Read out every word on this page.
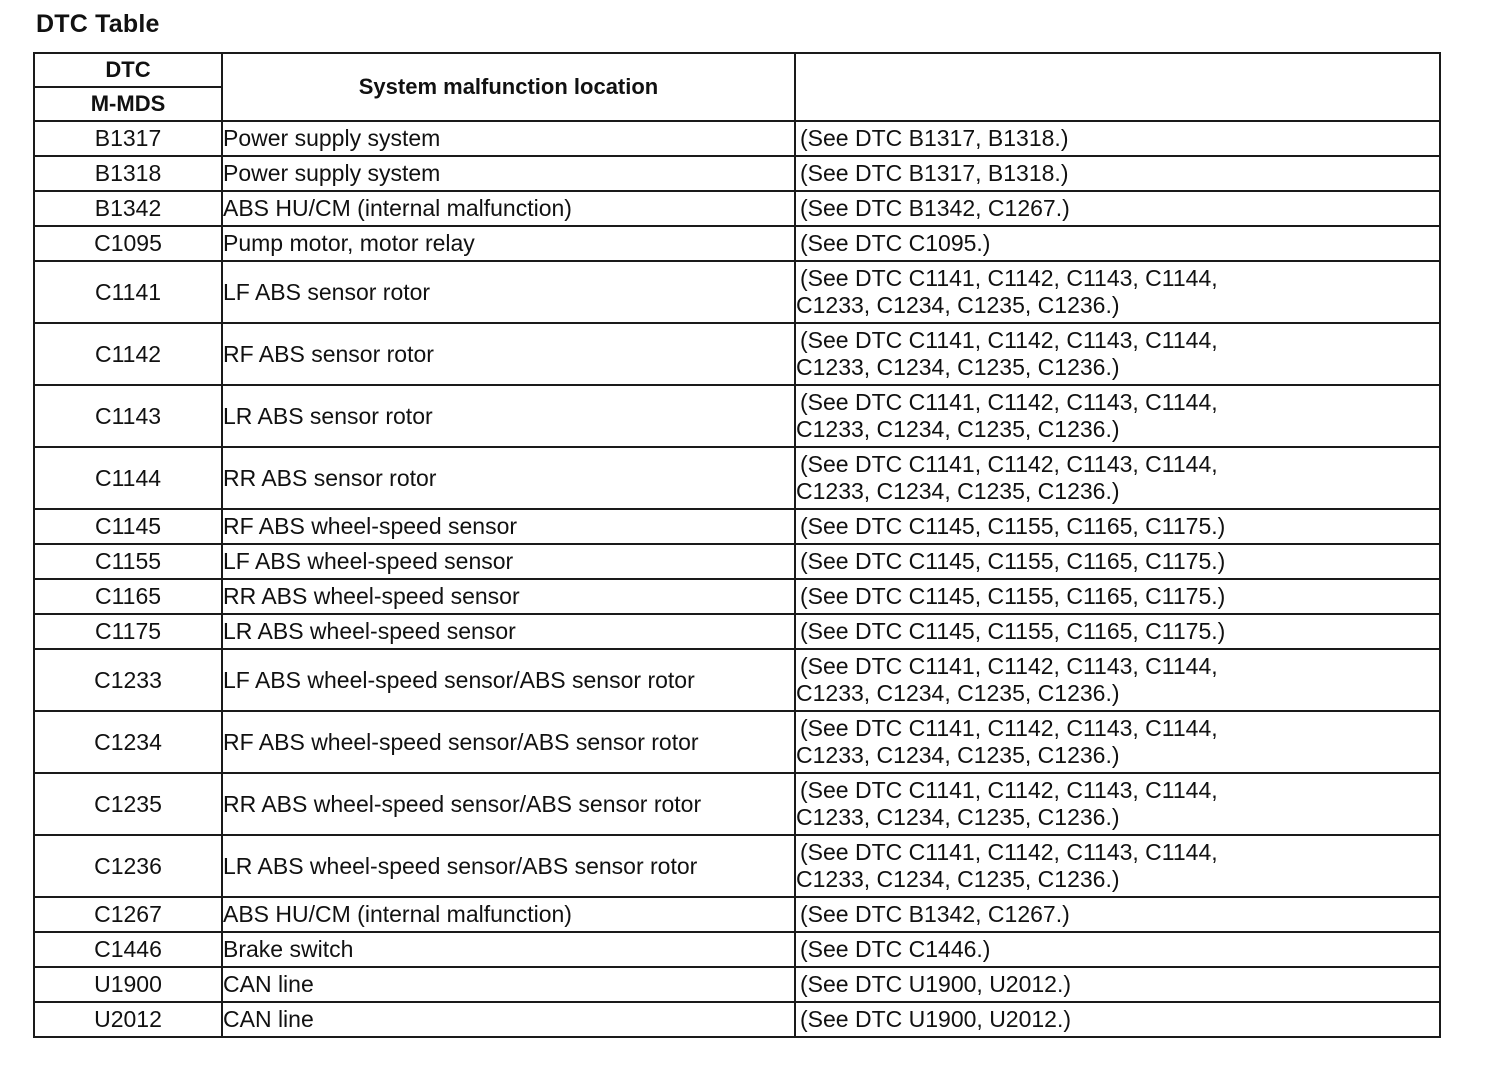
DTC Table
DTC	System malfunction location	
M-MDS		
B1317	Power supply system	(See DTC B1317, B1318.)

B1318	Power supply system	(See DTC B1317, B1318.)

B1342	ABS HU/CM (internal malfunction)	(See DTC B1342, C1267.)

C1095	Pump motor, motor relay	(See DTC C1095.)

C1141	LF ABS sensor rotor	(See DTC C1141, C1142, C1143, C1144,
C1233, C1234, C1235, C1236.)

C1142	RF ABS sensor rotor	(See DTC C1141, C1142, C1143, C1144,
C1233, C1234, C1235, C1236.)

C1143	LR ABS sensor rotor	(See DTC C1141, C1142, C1143, C1144,
C1233, C1234, C1235, C1236.)

C1144	RR ABS sensor rotor	(See DTC C1141, C1142, C1143, C1144,
C1233, C1234, C1235, C1236.)

C1145	RF ABS wheel-speed sensor	(See DTC C1145, C1155, C1165, C1175.)

C1155	LF ABS wheel-speed sensor	(See DTC C1145, C1155, C1165, C1175.)

C1165	RR ABS wheel-speed sensor	(See DTC C1145, C1155, C1165, C1175.)

C1175	LR ABS wheel-speed sensor	(See DTC C1145, C1155, C1165, C1175.)

C1233	LF ABS wheel-speed sensor/ABS sensor rotor	(See DTC C1141, C1142, C1143, C1144,
C1233, C1234, C1235, C1236.)

C1234	RF ABS wheel-speed sensor/ABS sensor rotor	(See DTC C1141, C1142, C1143, C1144,
C1233, C1234, C1235, C1236.)

C1235	RR ABS wheel-speed sensor/ABS sensor rotor	(See DTC C1141, C1142, C1143, C1144,
C1233, C1234, C1235, C1236.)

C1236	LR ABS wheel-speed sensor/ABS sensor rotor	(See DTC C1141, C1142, C1143, C1144,
C1233, C1234, C1235, C1236.)

C1267	ABS HU/CM (internal malfunction)	(See DTC B1342, C1267.)

C1446	Brake switch	(See DTC C1446.)

U1900	CAN line	(See DTC U1900, U2012.)

U2012	CAN line	(See DTC U1900, U2012.)
